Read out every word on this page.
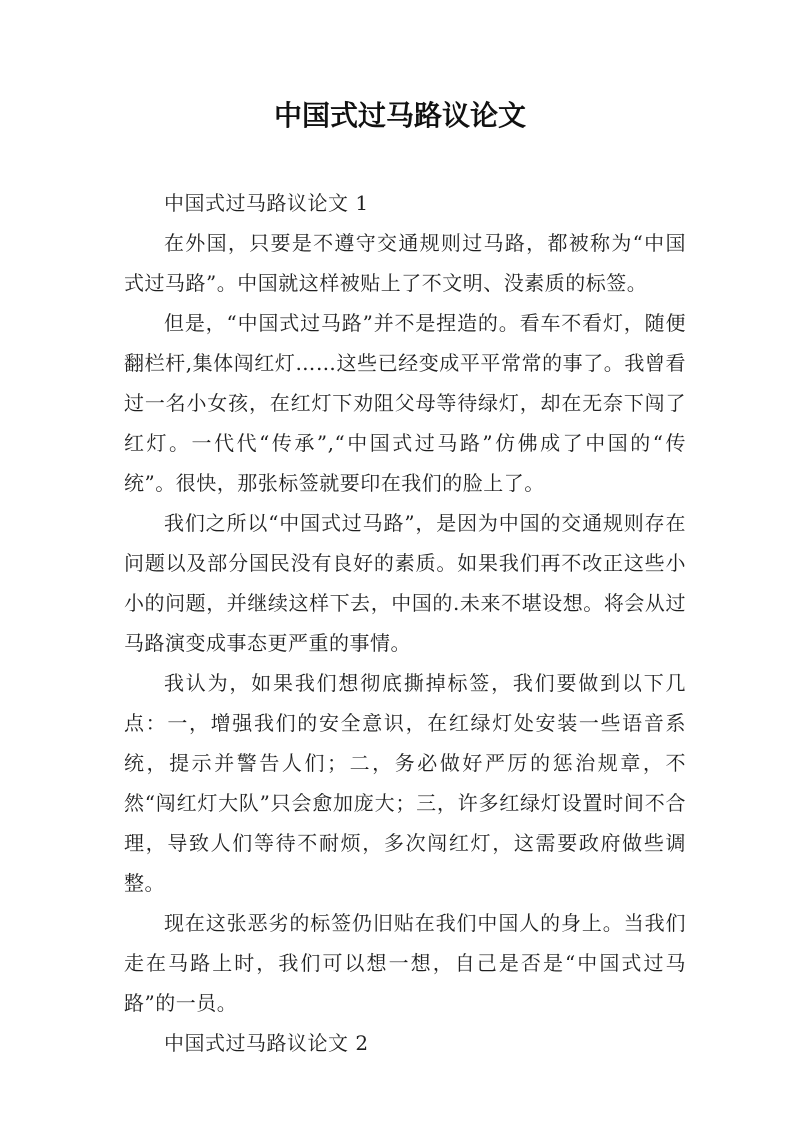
中国式过马路议论文

中国式过马路议论文 1

在外国，只要是不遵守交通规则过马路，都被称为“中国式过马路”。中国就这样被贴上了不文明、没素质的标签。

但是，“中国式过马路”并不是捏造的。看车不看灯，随便翻栏杆,集体闯红灯……这些已经变成平平常常的事了。我曾看过一名小女孩，在红灯下劝阻父母等待绿灯，却在无奈下闯了红灯。一代代“传承”,“中国式过马路”仿佛成了中国的“传统”。很快，那张标签就要印在我们的脸上了。

我们之所以“中国式过马路”，是因为中国的交通规则存在问题以及部分国民没有良好的素质。如果我们再不改正这些小小的问题，并继续这样下去，中国的.未来不堪设想。将会从过马路演变成事态更严重的事情。

我认为，如果我们想彻底撕掉标签，我们要做到以下几点：一，增强我们的安全意识，在红绿灯处安装一些语音系统，提示并警告人们；二，务必做好严厉的惩治规章，不然“闯红灯大队”只会愈加庞大；三，许多红绿灯设置时间不合理，导致人们等待不耐烦，多次闯红灯，这需要政府做些调整。

现在这张恶劣的标签仍旧贴在我们中国人的身上。当我们走在马路上时，我们可以想一想，自己是否是“中国式过马路”的一员。

中国式过马路议论文 2
